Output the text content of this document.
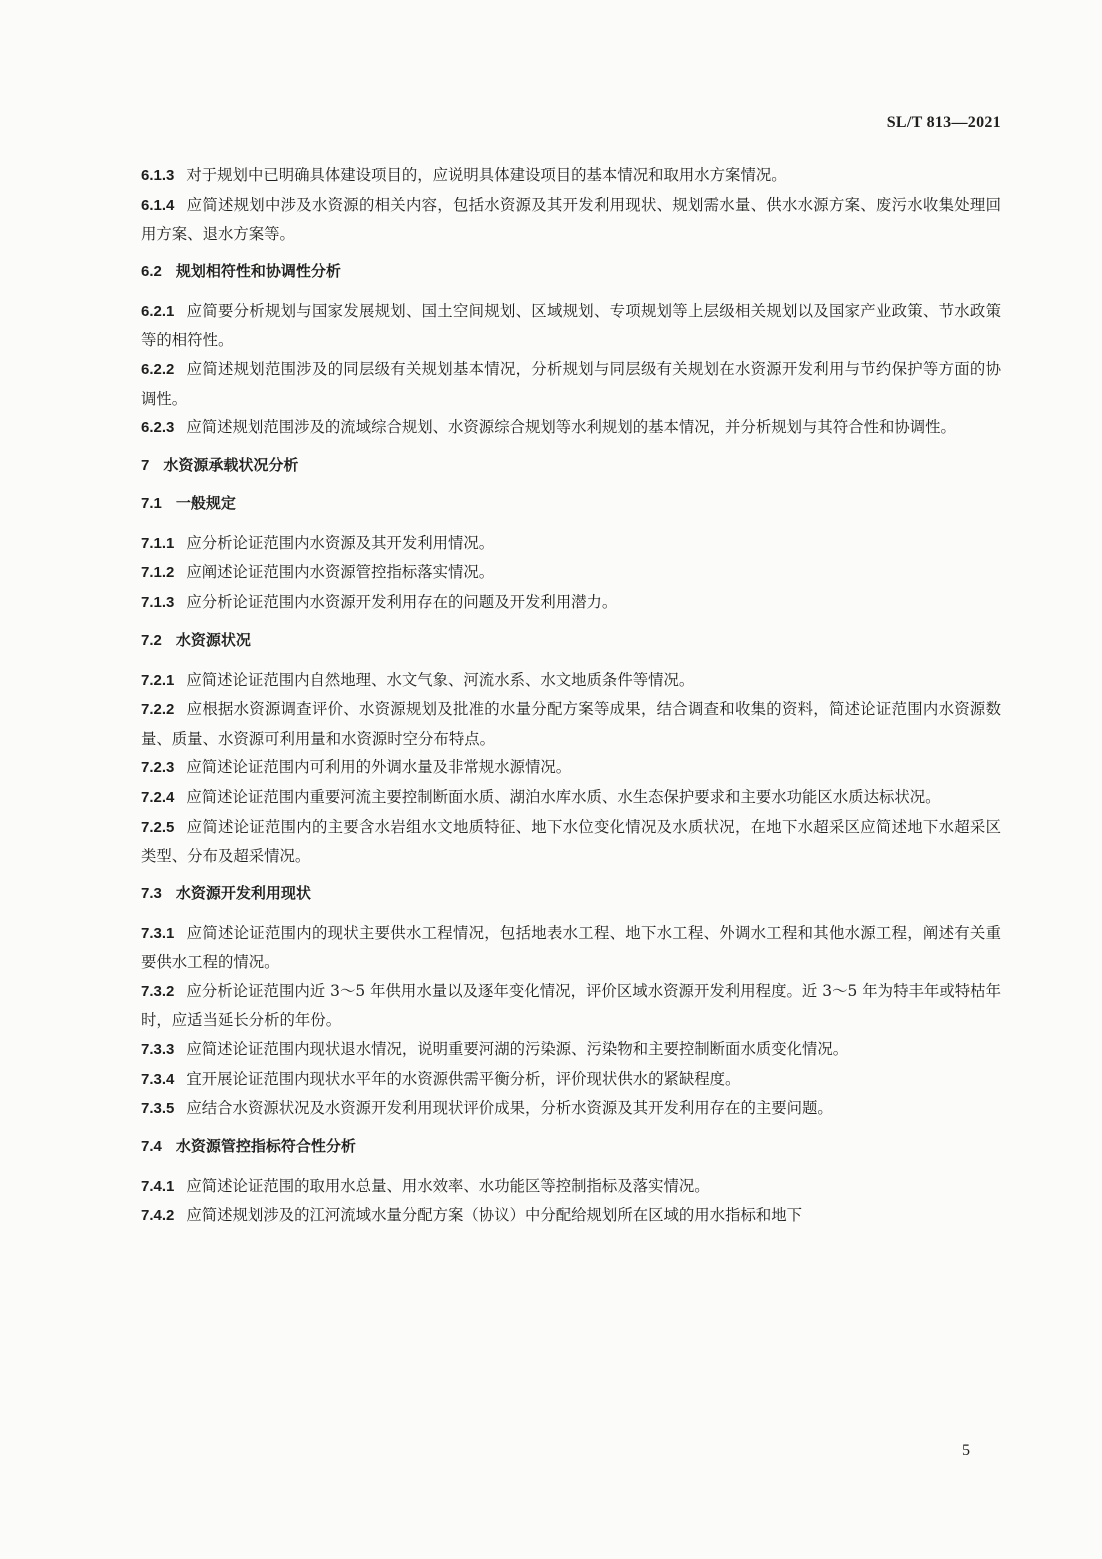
SL/T 813—2021

6.1.3 对于规划中已明确具体建设项目的，应说明具体建设项目的基本情况和取用水方案情况。

6.1.4 应简述规划中涉及水资源的相关内容，包括水资源及其开发利用现状、规划需水量、供水水源方案、废污水收集处理回用方案、退水方案等。

6.2 规划相符性和协调性分析

6.2.1 应简要分析规划与国家发展规划、国土空间规划、区域规划、专项规划等上层级相关规划以及国家产业政策、节水政策等的相符性。

6.2.2 应简述规划范围涉及的同层级有关规划基本情况，分析规划与同层级有关规划在水资源开发利用与节约保护等方面的协调性。

6.2.3 应简述规划范围涉及的流域综合规划、水资源综合规划等水利规划的基本情况，并分析规划与其符合性和协调性。

7 水资源承载状况分析
7.1 一般规定

7.1.1 应分析论证范围内水资源及其开发利用情况。

7.1.2 应阐述论证范围内水资源管控指标落实情况。

7.1.3 应分析论证范围内水资源开发利用存在的问题及开发利用潜力。

7.2 水资源状况

7.2.1 应简述论证范围内自然地理、水文气象、河流水系、水文地质条件等情况。

7.2.2 应根据水资源调查评价、水资源规划及批准的水量分配方案等成果，结合调查和收集的资料，简述论证范围内水资源数量、质量、水资源可利用量和水资源时空分布特点。

7.2.3 应简述论证范围内可利用的外调水量及非常规水源情况。

7.2.4 应简述论证范围内重要河流主要控制断面水质、湖泊水库水质、水生态保护要求和主要水功能区水质达标状况。

7.2.5 应简述论证范围内的主要含水岩组水文地质特征、地下水位变化情况及水质状况，在地下水超采区应简述地下水超采区类型、分布及超采情况。

7.3 水资源开发利用现状

7.3.1 应简述论证范围内的现状主要供水工程情况，包括地表水工程、地下水工程、外调水工程和其他水源工程，阐述有关重要供水工程的情况。

7.3.2 应分析论证范围内近 3～5 年供用水量以及逐年变化情况，评价区域水资源开发利用程度。近 3～5 年为特丰年或特枯年时，应适当延长分析的年份。

7.3.3 应简述论证范围内现状退水情况，说明重要河湖的污染源、污染物和主要控制断面水质变化情况。

7.3.4 宜开展论证范围内现状水平年的水资源供需平衡分析，评价现状供水的紧缺程度。

7.3.5 应结合水资源状况及水资源开发利用现状评价成果，分析水资源及其开发利用存在的主要问题。

7.4 水资源管控指标符合性分析

7.4.1 应简述论证范围的取用水总量、用水效率、水功能区等控制指标及落实情况。

7.4.2 应简述规划涉及的江河流域水量分配方案（协议）中分配给规划所在区域的用水指标和地下

5
